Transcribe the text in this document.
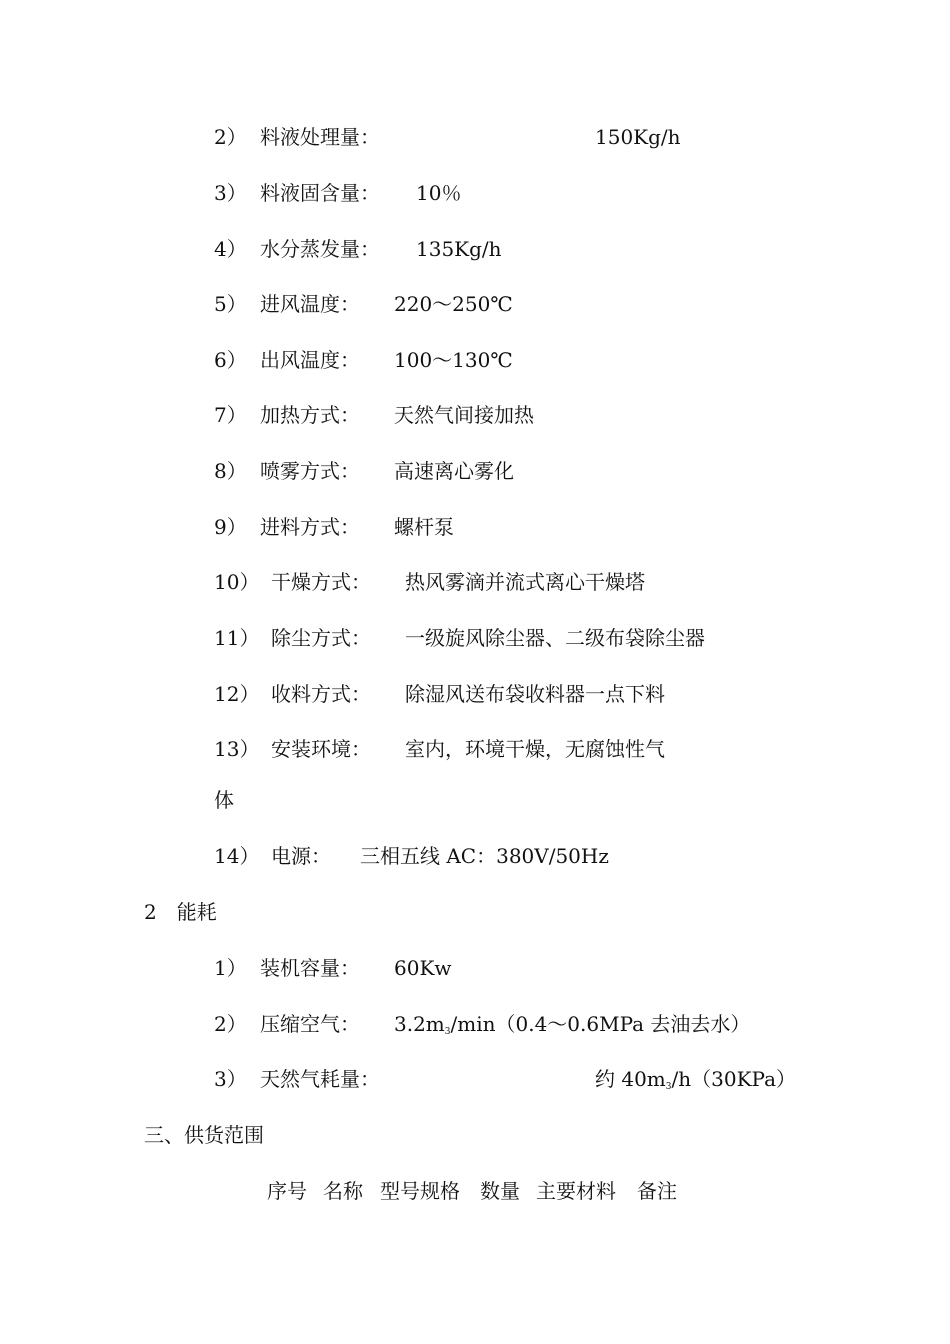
2） 料液处理量：	150Kg/h
3） 料液固含量： 10％
4） 水分蒸发量： 135Kg/h
5） 进风温度： 220～250℃
6） 出风温度： 100～130℃
7） 加热方式： 天然气间接加热
8） 喷雾方式： 高速离心雾化
9） 进料方式： 螺杆泵
10） 干燥方式： 热风雾滴并流式离心干燥塔
11） 除尘方式： 一级旋风除尘器、二级布袋除尘器
12） 收料方式： 除湿风送布袋收料器一点下料
13） 安装环境： 室内，环境干燥，无腐蚀性气
体
14） 电源： 三相五线 AC：380V/50Hz
2　能耗
1） 装机容量： 60Kw
2） 压缩空气： $3.2m_3/\min(0.4\sim 0.6MPa$ 去油去水）
3） 天然气耗量：	约 $40m_3/h(30KPa)$
三、供货范围
序号 名称 型号规格 数量 主要材料 备注
